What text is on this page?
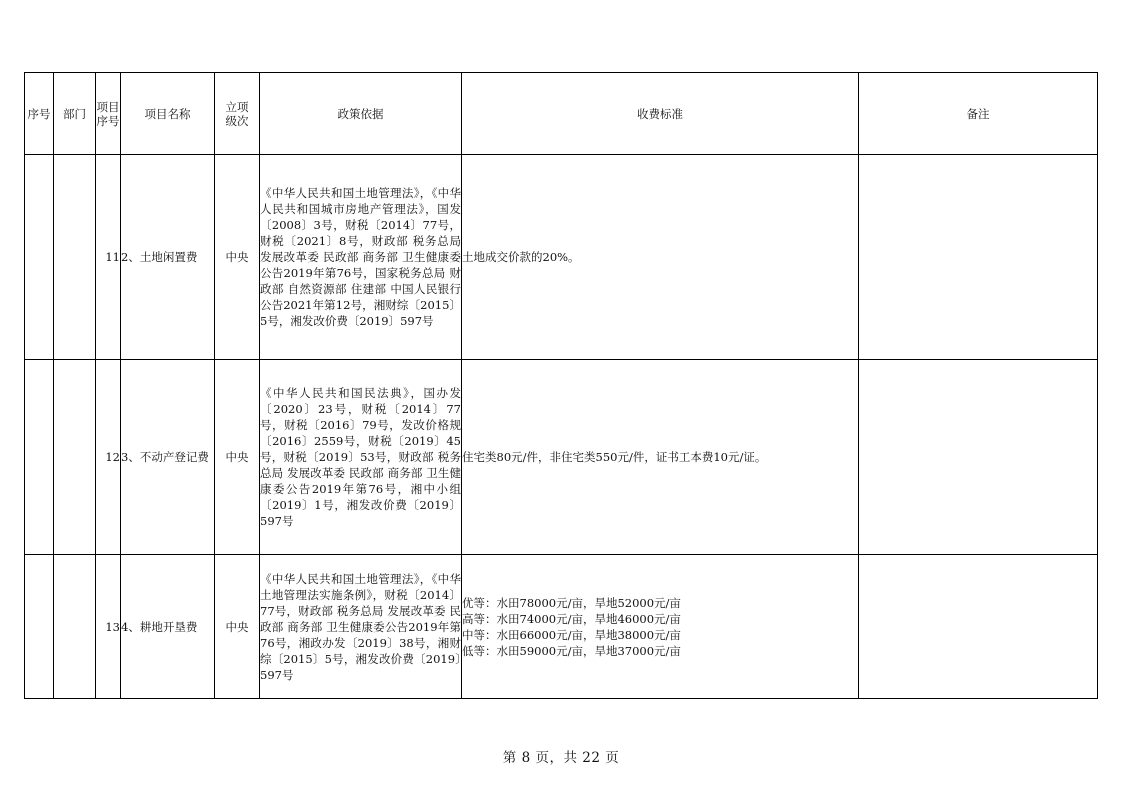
序号	部门	项目序号	项目名称	立项级次	政策依据	收费标准	备注
		11	2、土地闲置费	中央	《中华人民共和国土地管理法》，《中华人民共和国城市房地产管理法》，国发〔2008〕3号，财税〔2014〕77号，财税〔2021〕8号，财政部 税务总局 发展改革委 民政部 商务部 卫生健康委公告2019年第76号，国家税务总局 财政部 自然资源部 住建部 中国人民银行公告2021年第12号，湘财综〔2015〕5号，湘发改价费〔2019〕597号	土地成交价款的20%。	

		12	3、不动产登记费	中央	《中华人民共和国民法典》，国办发〔2020〕23号，财税〔2014〕77号，财税〔2016〕79号，发改价格规〔2016〕2559号，财税〔2019〕45号，财税〔2019〕53号，财政部 税务总局 发展改革委 民政部 商务部 卫生健康委公告2019年第76号，湘中小组〔2019〕1号，湘发改价费〔2019〕597号	住宅类80元/件，非住宅类550元/件，证书工本费10元/证。	

		13	4、耕地开垦费	中央	《中华人民共和国土地管理法》，《中华土地管理法实施条例》，财税〔2014〕77号，财政部 税务总局 发展改革委 民政部 商务部 卫生健康委公告2019年第76号，湘政办发〔2019〕38号，湘财综〔2015〕5号，湘发改价费〔2019〕597号	优等：水田78000元/亩，旱地52000元/亩
高等：水田74000元/亩，旱地46000元/亩
中等：水田66000元/亩，旱地38000元/亩
低等：水田59000元/亩，旱地37000元/亩	

第 8 页，共 22 页
